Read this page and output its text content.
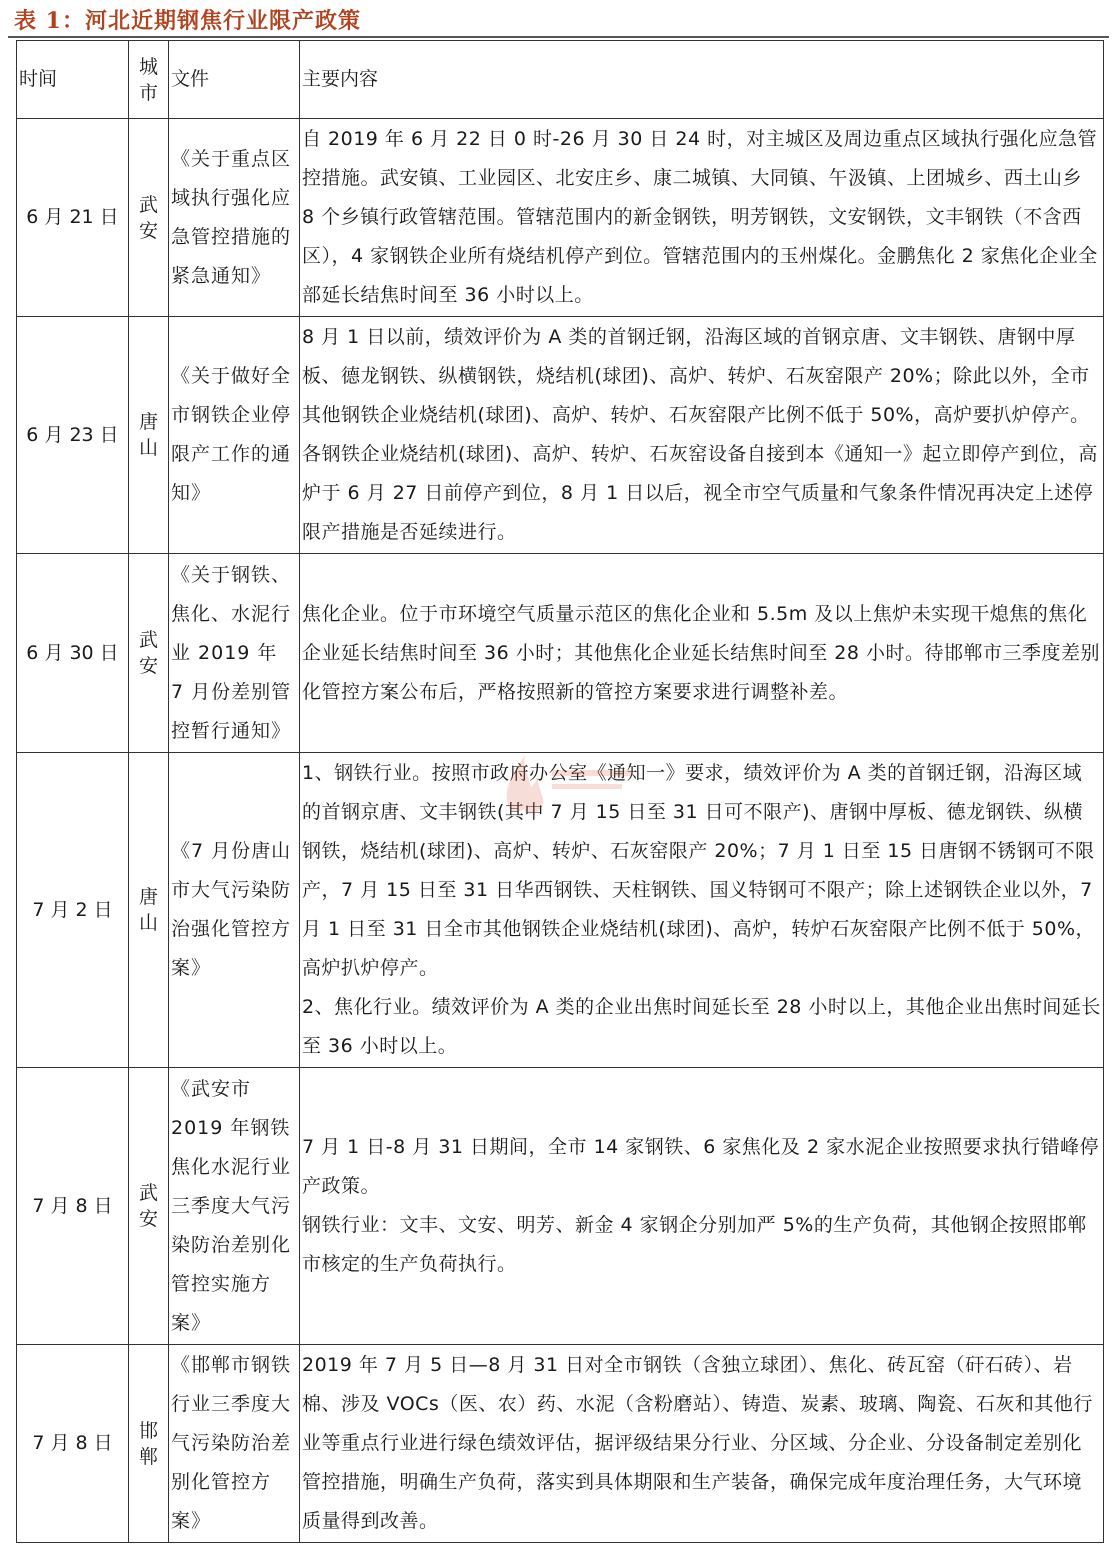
表 1：河北近期钢焦行业限产政策
时间	城市	文件	主要内容
6 月 21 日	武安	《关于重点区域执行强化应急管控措施的紧急通知》	自 2019 年 6 月 22 日 0 时-26 月 30 日 24 时，对主城区及周边重点区域执行强化应急管控措施。武安镇、工业园区、北安庄乡、康二城镇、大同镇、午汲镇、上团城乡、西土山乡 8 个乡镇行政管辖范围。管辖范围内的新金钢铁，明芳钢铁，文安钢铁，文丰钢铁（不含西区），4 家钢铁企业所有烧结机停产到位。管辖范围内的玉州煤化。金鹏焦化 2 家焦化企业全部延长结焦时间至 36 小时以上。
6 月 23 日	唐山	《关于做好全市钢铁企业停限产工作的通知》	8 月 1 日以前，绩效评价为 A 类的首钢迁钢，沿海区域的首钢京唐、文丰钢铁、唐钢中厚板、德龙钢铁、纵横钢铁，烧结机(球团)、高炉、转炉、石灰窑限产 20%；除此以外，全市其他钢铁企业烧结机(球团)、高炉、转炉、石灰窑限产比例不低于 50%，高炉要扒炉停产。各钢铁企业烧结机(球团)、高炉、转炉、石灰窑设备自接到本《通知一》起立即停产到位，高炉于 6 月 27 日前停产到位，8 月 1 日以后，视全市空气质量和气象条件情况再决定上述停限产措施是否延续进行。
6 月 30 日	武安	《关于钢铁、焦化、水泥行业 2019 年 7 月份差别管控暂行通知》	焦化企业。位于市环境空气质量示范区的焦化企业和 5.5m 及以上焦炉未实现干熄焦的焦化企业延长结焦时间至 36 小时；其他焦化企业延长结焦时间至 28 小时。待邯郸市三季度差别化管控方案公布后，严格按照新的管控方案要求进行调整补差。
7 月 2 日	唐山	《7 月份唐山市大气污染防治强化管控方案》	1、钢铁行业。按照市政府办公室《通知一》要求，绩效评价为 A 类的首钢迁钢，沿海区域的首钢京唐、文丰钢铁(其中 7 月 15 日至 31 日可不限产)、唐钢中厚板、德龙钢铁、纵横钢铁，烧结机(球团)、高炉、转炉、石灰窑限产 20%；7 月 1 日至 15 日唐钢不锈钢可不限产，7 月 15 日至 31 日华西钢铁、天柱钢铁、国义特钢可不限产；除上述钢铁企业以外，7 月 1 日至 31 日全市其他钢铁企业烧结机(球团)、高炉，转炉石灰窑限产比例不低于 50%，高炉扒炉停产。

2、焦化行业。绩效评价为 A 类的企业出焦时间延长至 28 小时以上，其他企业出焦时间延长至 36 小时以上。

7 月 8 日	武安	《武安市 2019 年钢铁焦化水泥行业三季度大气污染防治差别化管控实施方案》	7 月 1 日-8 月 31 日期间，全市 14 家钢铁、6 家焦化及 2 家水泥企业按照要求执行错峰停产政策。

钢铁行业：文丰、文安、明芳、新金 4 家钢企分别加严 5%的生产负荷，其他钢企按照邯郸市核定的生产负荷执行。

7 月 8 日	邯郸	《邯郸市钢铁行业三季度大气污染防治差别化管控方案》	2019 年 7 月 5 日—8 月 31 日对全市钢铁（含独立球团）、焦化、砖瓦窑（矸石砖）、岩棉、涉及 VOCs（医、农）药、水泥（含粉磨站）、铸造、炭素、玻璃、陶瓷、石灰和其他行业等重点行业进行绿色绩效评估，据评级结果分行业、分区域、分企业、分设备制定差别化管控措施，明确生产负荷，落实到具体期限和生产装备，确保完成年度治理任务，大气环境质量得到改善。
